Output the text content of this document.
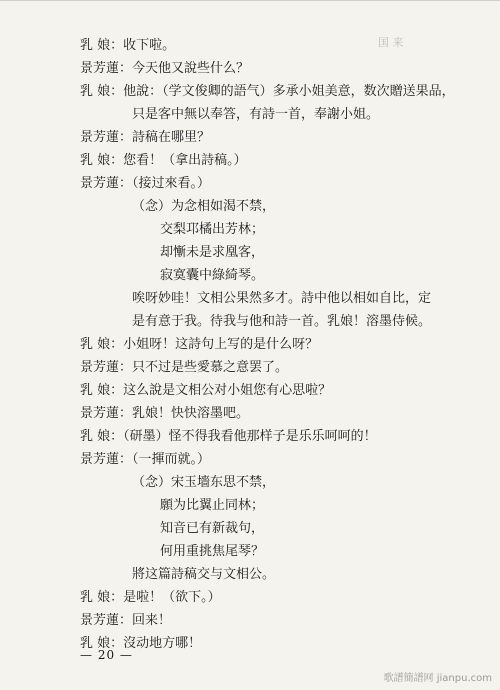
国 来
乳 娘：收下啦。
景芳蓮：今天他又說些什么？
乳 娘：他說：（学文俊卿的語气）多承小姐美意，数次贈送果品，
只是客中無以奉答，有詩一首，奉謝小姐。
景芳蓮：詩稿在哪里？
乳 娘：您看！（拿出詩稿。）
景芳蓮：（接过來看。）
（念）为念相如渴不禁，
交梨邛橘出芳林；
却慚未是求凰客，
寂寞囊中綠綺琴。
唉呀妙哇！文相公果然多才。詩中他以相如自比，定
是有意于我。待我与他和詩一首。乳娘！溶墨侍候。
乳 娘：小姐呀！这詩句上写的是什么呀？
景芳蓮：只不过是些愛慕之意罢了。
乳 娘：这么說是文相公对小姐您有心思啦？
景芳蓮：乳娘！快快溶墨吧。
乳 娘：（研墨）怪不得我看他那样子是乐乐呵呵的！
景芳蓮：（一揮而就。）
（念）宋玉墻东思不禁，
願为比翼止同林；
知音已有新裁句，
何用重挑焦尾琴？
將这篇詩稿交与文相公。
乳 娘：是啦！（欲下。）
景芳蓮：回来！
乳 娘：沒动地方哪！
— 20 —
歌譜簡譜网 jianpu.com
